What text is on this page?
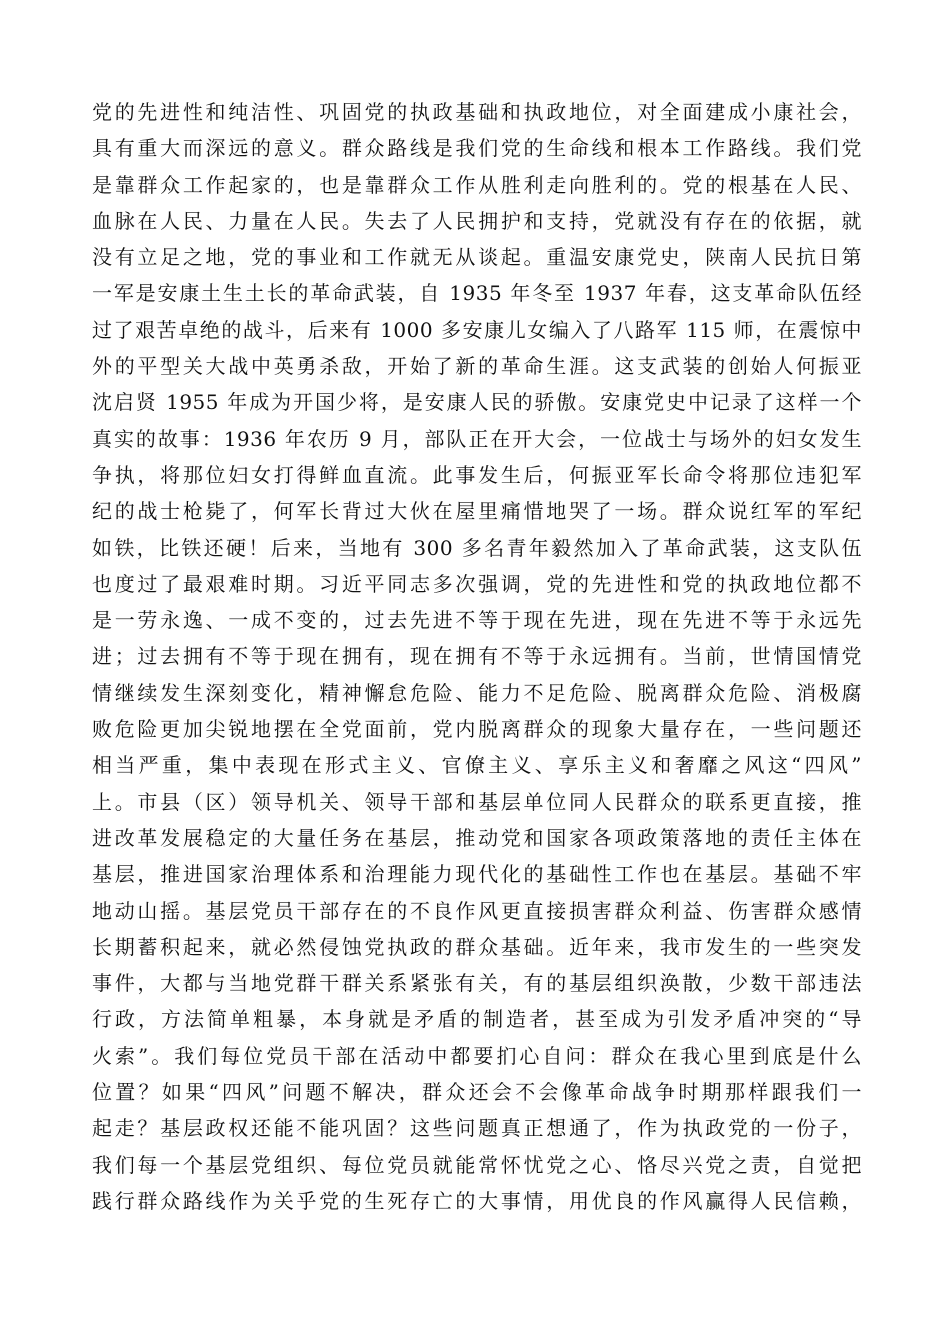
党的先进性和纯洁性、巩固党的执政基础和执政地位，对全面建成小康社会，
具有重大而深远的意义。群众路线是我们党的生命线和根本工作路线。我们党
是靠群众工作起家的，也是靠群众工作从胜利走向胜利的。党的根基在人民、
血脉在人民、力量在人民。失去了人民拥护和支持，党就没有存在的依据，就
没有立足之地，党的事业和工作就无从谈起。重温安康党史，陕南人民抗日第
一军是安康土生土长的革命武装，自 1935 年冬至 1937 年春，这支革命队伍经
过了艰苦卓绝的战斗，后来有 1000 多安康儿女编入了八路军 115 师，在震惊中
外的平型关大战中英勇杀敌，开始了新的革命生涯。这支武装的创始人何振亚
沈启贤 1955 年成为开国少将，是安康人民的骄傲。安康党史中记录了这样一个
真实的故事：1936 年农历 9 月，部队正在开大会，一位战士与场外的妇女发生
争执，将那位妇女打得鲜血直流。此事发生后，何振亚军长命令将那位违犯军
纪的战士枪毙了，何军长背过大伙在屋里痛惜地哭了一场。群众说红军的军纪
如铁，比铁还硬！后来，当地有 300 多名青年毅然加入了革命武装，这支队伍
也度过了最艰难时期。习近平同志多次强调，党的先进性和党的执政地位都不
是一劳永逸、一成不变的，过去先进不等于现在先进，现在先进不等于永远先
进；过去拥有不等于现在拥有，现在拥有不等于永远拥有。当前，世情国情党
情继续发生深刻变化，精神懈怠危险、能力不足危险、脱离群众危险、消极腐
败危险更加尖锐地摆在全党面前，党内脱离群众的现象大量存在，一些问题还
相当严重，集中表现在形式主义、官僚主义、享乐主义和奢靡之风这“四风”
上。市县（区）领导机关、领导干部和基层单位同人民群众的联系更直接，推
进改革发展稳定的大量任务在基层，推动党和国家各项政策落地的责任主体在
基层，推进国家治理体系和治理能力现代化的基础性工作也在基层。基础不牢
地动山摇。基层党员干部存在的不良作风更直接损害群众利益、伤害群众感情
长期蓄积起来，就必然侵蚀党执政的群众基础。近年来，我市发生的一些突发
事件，大都与当地党群干群关系紧张有关，有的基层组织涣散，少数干部违法
行政，方法简单粗暴，本身就是矛盾的制造者，甚至成为引发矛盾冲突的“导
火索”。我们每位党员干部在活动中都要扪心自问：群众在我心里到底是什么
位置？如果“四风”问题不解决，群众还会不会像革命战争时期那样跟我们一
起走？基层政权还能不能巩固？这些问题真正想通了，作为执政党的一份子，
我们每一个基层党组织、每位党员就能常怀忧党之心、恪尽兴党之责，自觉把
践行群众路线作为关乎党的生死存亡的大事情，用优良的作风赢得人民信赖，
